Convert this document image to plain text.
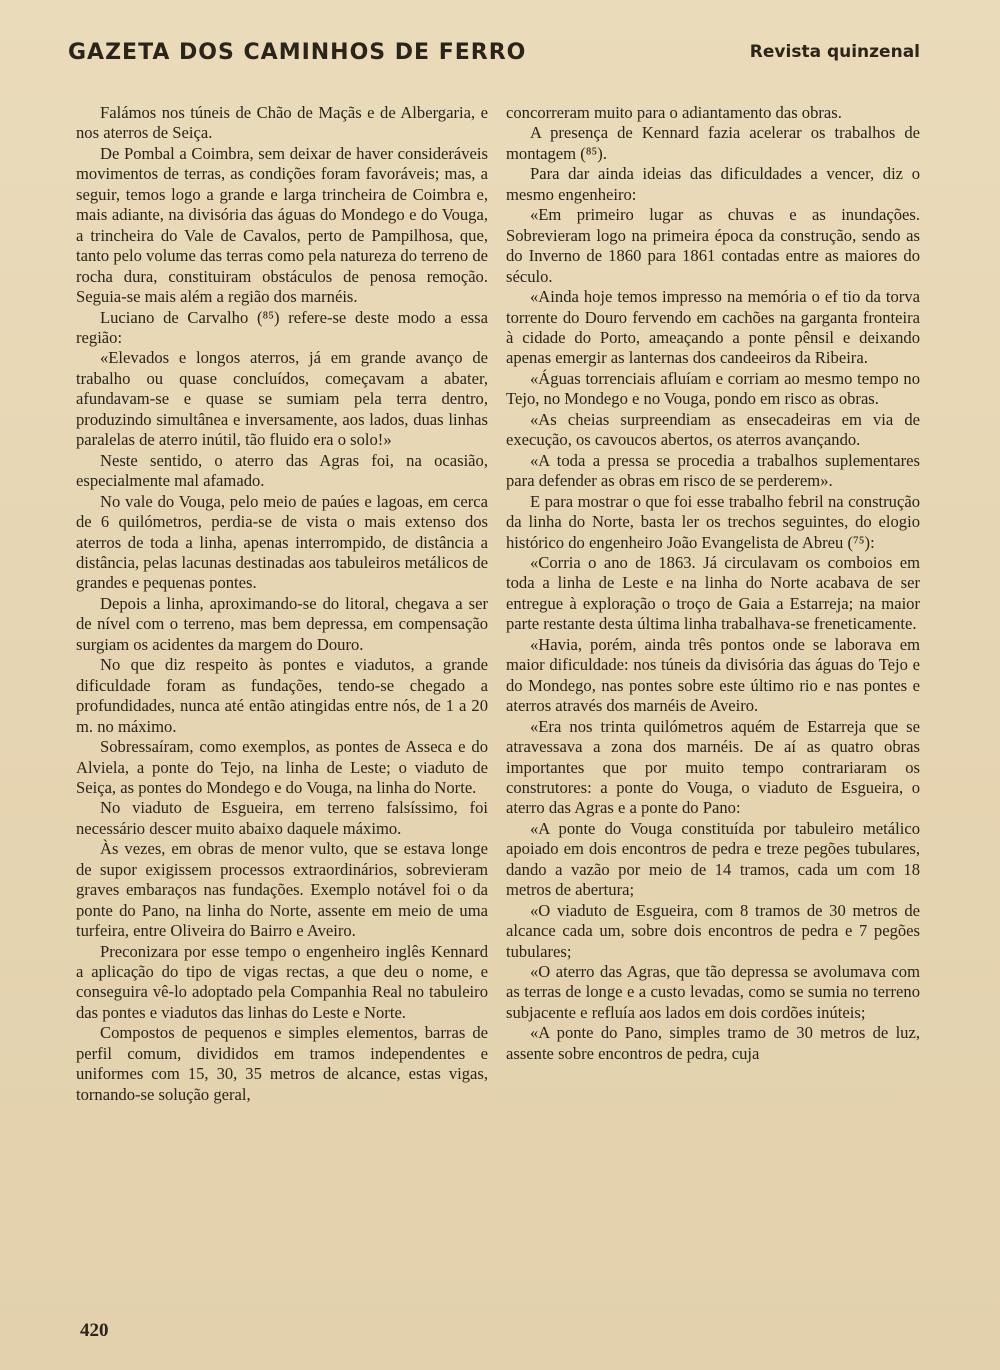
GAZETA DOS CAMINHOS DE FERRO	Revista quinzenal

Falámos nos túneis de Chão de Maçãs e de Albergaria, e nos aterros de Seiça.

De Pombal a Coimbra, sem deixar de haver consideráveis movimentos de terras, as condições foram favoráveis; mas, a seguir, temos logo a grande e larga trincheira de Coimbra e, mais adiante, na divisória das águas do Mondego e do Vouga, a trincheira do Vale de Cavalos, perto de Pampilhosa, que, tanto pelo volume das terras como pela natureza do terreno de rocha dura, constituiram obstáculos de penosa remoção. Seguia-se mais além a região dos marnéis.

Luciano de Carvalho (⁸⁵) refere-se deste modo a essa região:

«Elevados e longos aterros, já em grande avanço de trabalho ou quase concluídos, começavam a abater, afundavam-se e quase se sumiam pela terra dentro, produzindo simultânea e inversamente, aos lados, duas linhas paralelas de aterro inútil, tão fluido era o solo!»

Neste sentido, o aterro das Agras foi, na ocasião, especialmente mal afamado.

No vale do Vouga, pelo meio de paúes e lagoas, em cerca de 6 quilómetros, perdia-se de vista o mais extenso dos aterros de toda a linha, apenas interrompido, de distância a distância, pelas lacunas destinadas aos tabuleiros metálicos de grandes e pequenas pontes.

Depois a linha, aproximando-se do litoral, chegava a ser de nível com o terreno, mas bem depressa, em compensação surgiam os acidentes da margem do Douro.

No que diz respeito às pontes e viadutos, a grande dificuldade foram as fundações, tendo-se chegado a profundidades, nunca até então atingidas entre nós, de 1 a 20 m. no máximo.

Sobressaíram, como exemplos, as pontes de Asseca e do Alviela, a ponte do Tejo, na linha de Leste; o viaduto de Seiça, as pontes do Mondego e do Vouga, na linha do Norte.

No viaduto de Esgueira, em terreno falsíssimo, foi necessário descer muito abaixo daquele máximo.

Às vezes, em obras de menor vulto, que se estava longe de supor exigissem processos extraordinários, sobrevieram graves embaraços nas fundações. Exemplo notável foi o da ponte do Pano, na linha do Norte, assente em meio de uma turfeira, entre Oliveira do Bairro e Aveiro.

Preconizara por esse tempo o engenheiro inglês Kennard a aplicação do tipo de vigas rectas, a que deu o nome, e conseguira vê-lo adoptado pela Companhia Real no tabuleiro das pontes e viadutos das linhas do Leste e Norte.

Compostos de pequenos e simples elementos, barras de perfil comum, divididos em tramos independentes e uniformes com 15, 30, 35 metros de alcance, estas vigas, tornando-se solução geral,

concorreram muito para o adiantamento das obras.

A presença de Kennard fazia acelerar os trabalhos de montagem (⁸⁵).

Para dar ainda ideias das dificuldades a vencer, diz o mesmo engenheiro:

«Em primeiro lugar as chuvas e as inundações. Sobrevieram logo na primeira época da construção, sendo as do Inverno de 1860 para 1861 contadas entre as maiores do século.

«Ainda hoje temos impresso na memória o ef tio da torva torrente do Douro fervendo em cachões na garganta fronteira à cidade do Porto, ameaçando a ponte pênsil e deixando apenas emergir as lanternas dos candeeiros da Ribeira.

«Águas torrenciais afluíam e corriam ao mesmo tempo no Tejo, no Mondego e no Vouga, pondo em risco as obras.

«As cheias surpreendiam as ensecadeiras em via de execução, os cavoucos abertos, os aterros avançando.

«A toda a pressa se procedia a trabalhos suplementares para defender as obras em risco de se perderem».

E para mostrar o que foi esse trabalho febril na construção da linha do Norte, basta ler os trechos seguintes, do elogio histórico do engenheiro João Evangelista de Abreu (⁷⁵):

«Corria o ano de 1863. Já circulavam os comboios em toda a linha de Leste e na linha do Norte acabava de ser entregue à exploração o troço de Gaia a Estarreja; na maior parte restante desta última linha trabalhava-se freneticamente.

«Havia, porém, ainda três pontos onde se laborava em maior dificuldade: nos túneis da divisória das águas do Tejo e do Mondego, nas pontes sobre este último rio e nas pontes e aterros através dos marnéis de Aveiro.

«Era nos trinta quilómetros aquém de Estarreja que se atravessava a zona dos marnéis. De aí as quatro obras importantes que por muito tempo contrariaram os construtores: a ponte do Vouga, o viaduto de Esgueira, o aterro das Agras e a ponte do Pano:

«A ponte do Vouga constituída por tabuleiro metálico apoiado em dois encontros de pedra e treze pegões tubulares, dando a vazão por meio de 14 tramos, cada um com 18 metros de abertura;

«O viaduto de Esgueira, com 8 tramos de 30 metros de alcance cada um, sobre dois encontros de pedra e 7 pegões tubulares;

«O aterro das Agras, que tão depressa se avolumava com as terras de longe e a custo levadas, como se sumia no terreno subjacente e refluía aos lados em dois cordões inúteis;

«A ponte do Pano, simples tramo de 30 metros de luz, assente sobre encontros de pedra, cuja

420
